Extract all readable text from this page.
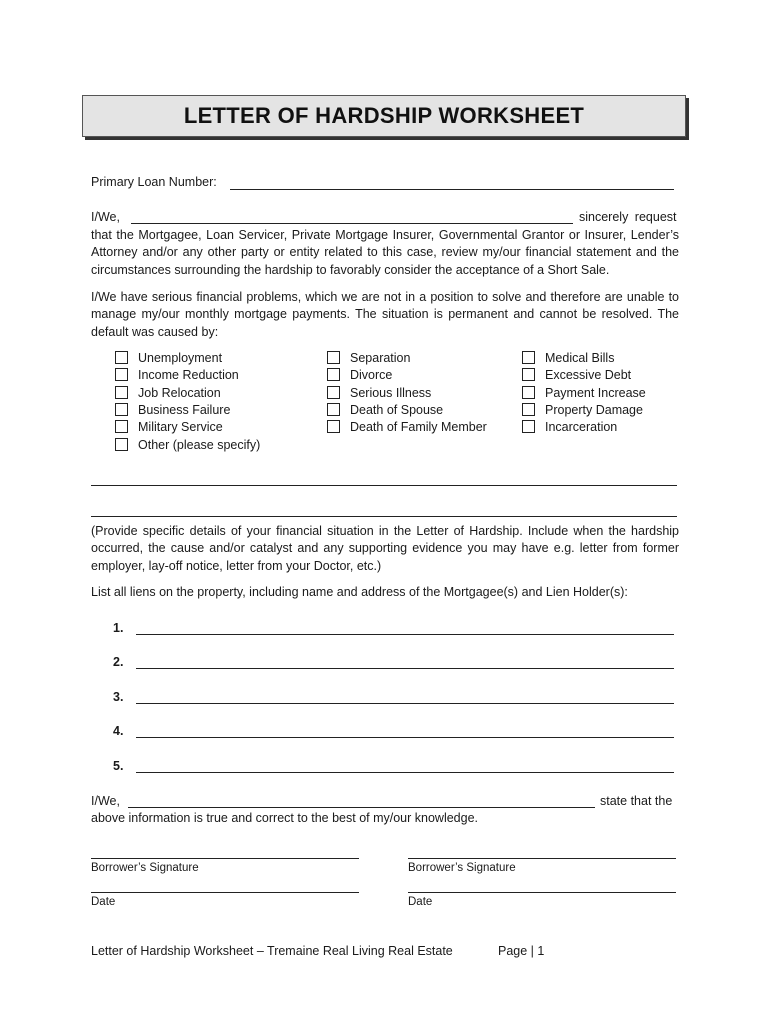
LETTER OF HARDSHIP WORKSHEET
Primary Loan Number:
I/We,	sincerely request
that the Mortgagee, Loan Servicer, Private Mortgage Insurer, Governmental Grantor or Insurer, Lender’s Attorney and/or any other party or entity related to this case, review my/our financial statement and the circumstances surrounding the hardship to favorably consider the acceptance of a Short Sale.
I/We have serious financial problems, which we are not in a position to solve and therefore are unable to manage my/our monthly mortgage payments. The situation is permanent and cannot be resolved. The default was caused by:
Unemployment
Income Reduction
Job Relocation
Business Failure
Military Service
Other (please specify)
Separation
Divorce
Serious Illness
Death of Spouse
Death of Family Member
Medical Bills
Excessive Debt
Payment Increase
Property Damage
Incarceration
(Provide specific details of your financial situation in the Letter of Hardship. Include when the hardship occurred, the cause and/or catalyst and any supporting evidence you may have e.g. letter from former employer, lay-off notice, letter from your Doctor, etc.)
List all liens on the property, including name and address of the Mortgagee(s) and Lien Holder(s):
1.
2.
3.
4.
5.
I/We,	state that the
above information is true and correct to the best of my/our knowledge.
Borrower’s Signature	Borrower’s Signature
Date	Date
Letter of Hardship Worksheet – Tremaine Real Living Real Estate	Page | 1
